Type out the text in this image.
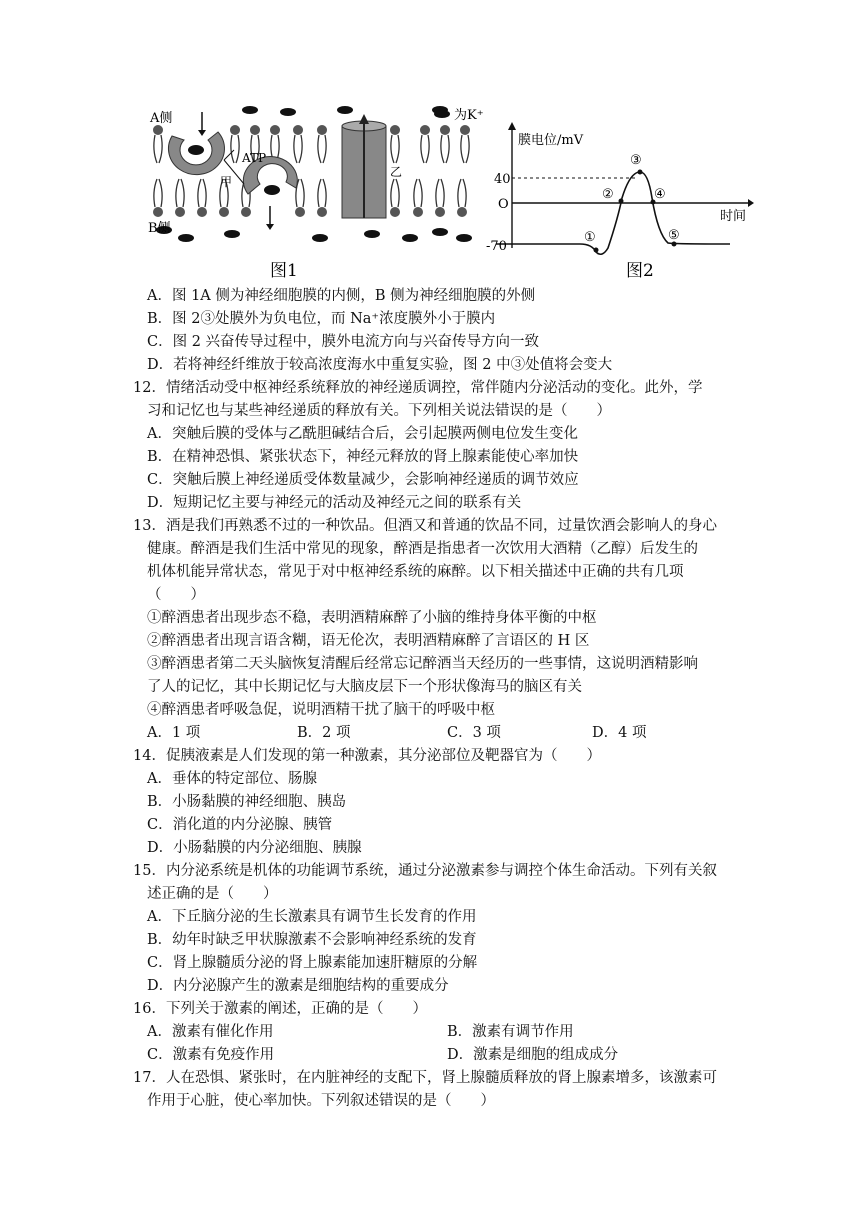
A侧
B侧
ATP
甲
乙
为K⁺
图1
膜电位/mV
时间
40
O
-70
①
②
③
④
⑤
图2
A．图 1A 侧为神经细胞膜的内侧，B 侧为神经细胞膜的外侧
B．图 2③处膜外为负电位，而 Na⁺浓度膜外小于膜内
C．图 2 兴奋传导过程中，膜外电流方向与兴奋传导方向一致
D．若将神经纤维放于较高浓度海水中重复实验，图 2 中③处值将会变大
12．情绪活动受中枢神经系统释放的神经递质调控，常伴随内分泌活动的变化。此外，学
习和记忆也与某些神经递质的释放有关。下列相关说法错误的是（　　）
A．突触后膜的受体与乙酰胆碱结合后，会引起膜两侧电位发生变化
B．在精神恐惧、紧张状态下，神经元释放的肾上腺素能使心率加快
C．突触后膜上神经递质受体数量减少，会影响神经递质的调节效应
D．短期记忆主要与神经元的活动及神经元之间的联系有关
13．酒是我们再熟悉不过的一种饮品。但酒又和普通的饮品不同，过量饮酒会影响人的身心
健康。醉酒是我们生活中常见的现象，醉酒是指患者一次饮用大酒精（乙醇）后发生的
机体机能异常状态，常见于对中枢神经系统的麻醉。以下相关描述中正确的共有几项
（　　）
①醉酒患者出现步态不稳，表明酒精麻醉了小脑的维持身体平衡的中枢
②醉酒患者出现言语含糊，语无伦次，表明酒精麻醉了言语区的 H 区
③醉酒患者第二天头脑恢复清醒后经常忘记醉酒当天经历的一些事情，这说明酒精影响
了人的记忆，其中长期记忆与大脑皮层下一个形状像海马的脑区有关
④醉酒患者呼吸急促，说明酒精干扰了脑干的呼吸中枢
A．1 项	B．2 项	C．3 项	D．4 项
14．促胰液素是人们发现的第一种激素，其分泌部位及靶器官为（　　）
A．垂体的特定部位、肠腺
B．小肠黏膜的神经细胞、胰岛
C．消化道的内分泌腺、胰管
D．小肠黏膜的内分泌细胞、胰腺
15．内分泌系统是机体的功能调节系统，通过分泌激素参与调控个体生命活动。下列有关叙
述正确的是（　　）
A．下丘脑分泌的生长激素具有调节生长发育的作用
B．幼年时缺乏甲状腺激素不会影响神经系统的发育
C．肾上腺髓质分泌的肾上腺素能加速肝糖原的分解
D．内分泌腺产生的激素是细胞结构的重要成分
16．下列关于激素的阐述，正确的是（　　）
A．激素有催化作用	B．激素有调节作用
C．激素有免疫作用	D．激素是细胞的组成成分
17．人在恐惧、紧张时，在内脏神经的支配下，肾上腺髓质释放的肾上腺素增多，该激素可
作用于心脏，使心率加快。下列叙述错误的是（　　）
